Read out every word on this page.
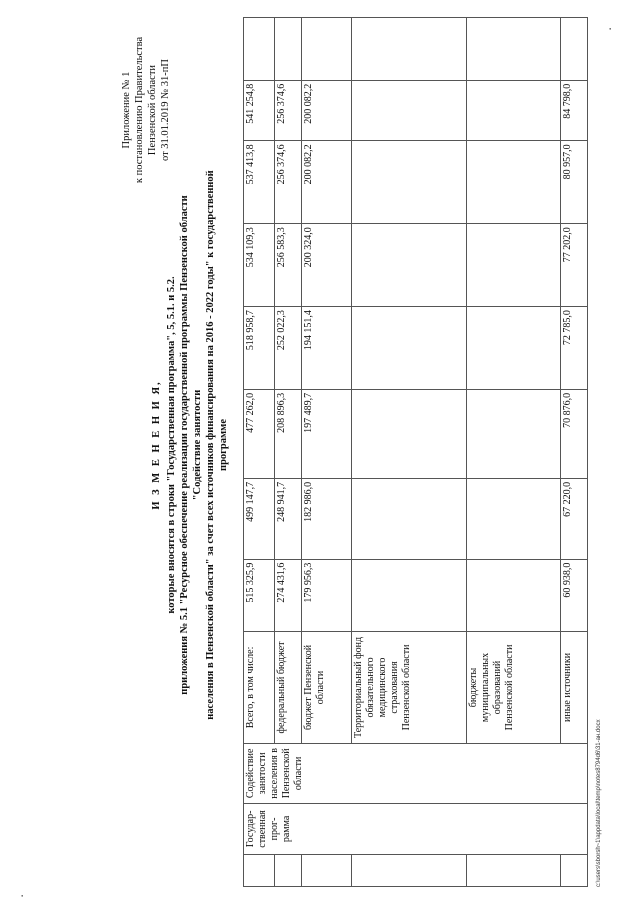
Приложение № 1 к постановлению Правительства Пензенской области от 31.01.2019 № 31-пП
И З М Е Н Е Н И Я, которые вносятся в строки "Государственная программа", 5, 5.1. и 5.2. приложения № 5.1 "Ресурсное обеспечение реализации государственной программы Пензенской области "Содействие занятости населения в Пензенской области" за счет всех источников финансирования на 2016 - 2022 годы" к государственной программе
	Государ-ственная прог-рамма	Содействие занятости населения в Пензенской области	Всего, в том числе:	515 325,9	499 147,7	477 262,0	518 958,7	534 109,3	537 413,8	541 254,8	
			федеральный бюджет	274 431,6	248 941,7	208 896,3	252 022,3	256 583,3	256 374,6	256 374,6	
			бюджет Пензенской области	179 956,3	182 986,0	197 489,7	194 151,4	200 324,0	200 082,2	200 082,2	
			Территориальный фонд обязательного медицинского страхования Пензенской области								
			бюджеты муниципальных образований Пензенской области								
			иные источники	60 938,0	67 220,0	70 876,0	72 785,0	77 202,0	80 957,0	84 798,0	
c:\users\sborsh~1\appdata\local\temp\notes8794d6\31-ан.docx
▪
▪
